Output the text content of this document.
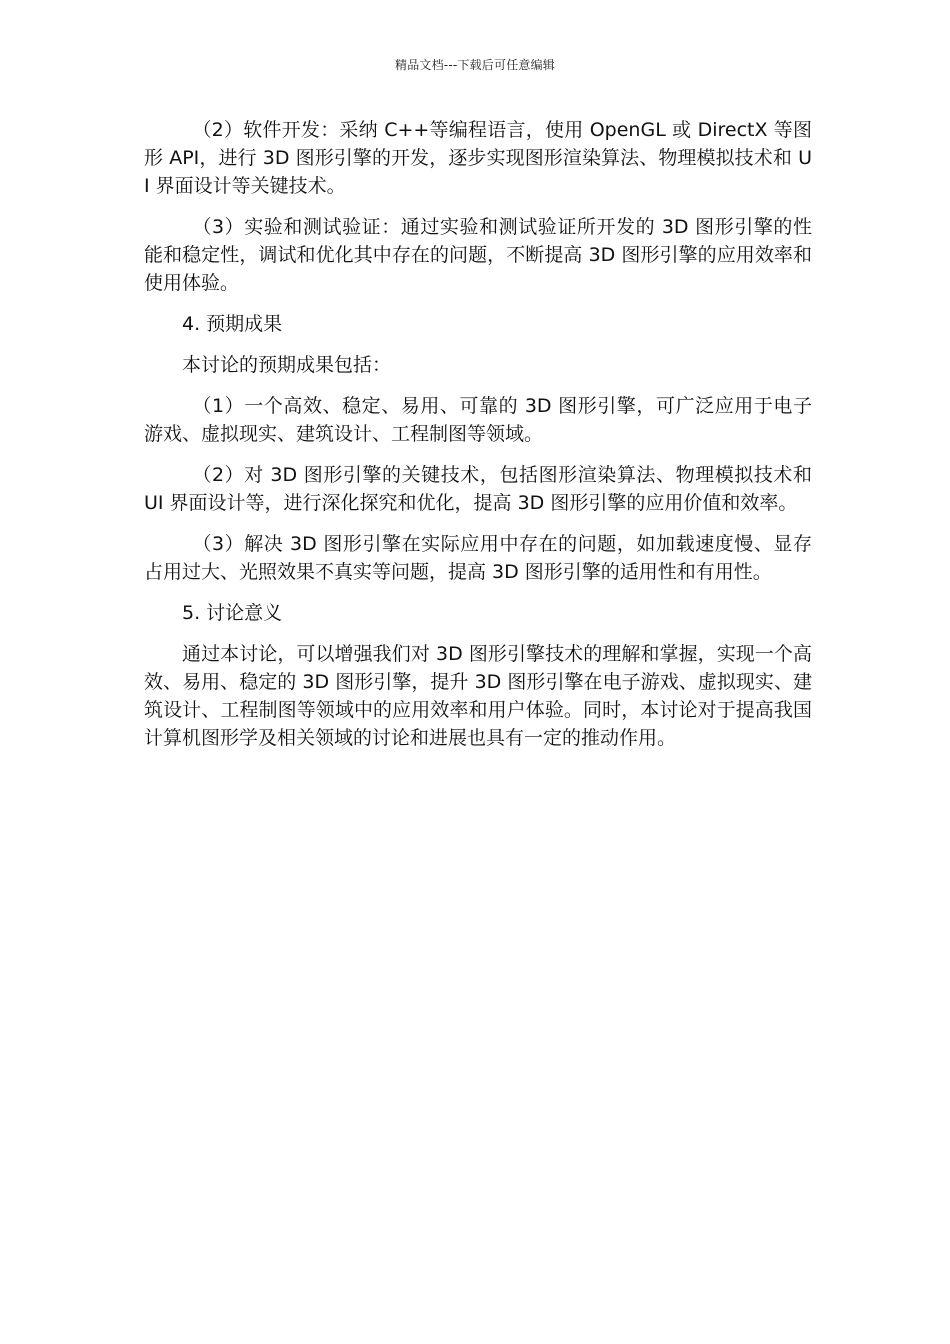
精品文档---下载后可任意编辑

（2）软件开发：采纳 C++等编程语言，使用 OpenGL 或 DirectX 等图形 API，进行 3D 图形引擎的开发，逐步实现图形渲染算法、物理模拟技术和 UI 界面设计等关键技术。

（3）实验和测试验证：通过实验和测试验证所开发的 3D 图形引擎的性能和稳定性，调试和优化其中存在的问题，不断提高 3D 图形引擎的应用效率和使用体验。

4. 预期成果

本讨论的预期成果包括：

（1）一个高效、稳定、易用、可靠的 3D 图形引擎，可广泛应用于电子游戏、虚拟现实、建筑设计、工程制图等领域。

（2）对 3D 图形引擎的关键技术，包括图形渲染算法、物理模拟技术和 UI 界面设计等，进行深化探究和优化，提高 3D 图形引擎的应用价值和效率。

（3）解决 3D 图形引擎在实际应用中存在的问题，如加载速度慢、显存占用过大、光照效果不真实等问题，提高 3D 图形引擎的适用性和有用性。

5. 讨论意义

通过本讨论，可以增强我们对 3D 图形引擎技术的理解和掌握，实现一个高效、易用、稳定的 3D 图形引擎，提升 3D 图形引擎在电子游戏、虚拟现实、建筑设计、工程制图等领域中的应用效率和用户体验。同时，本讨论对于提高我国计算机图形学及相关领域的讨论和进展也具有一定的推动作用。
